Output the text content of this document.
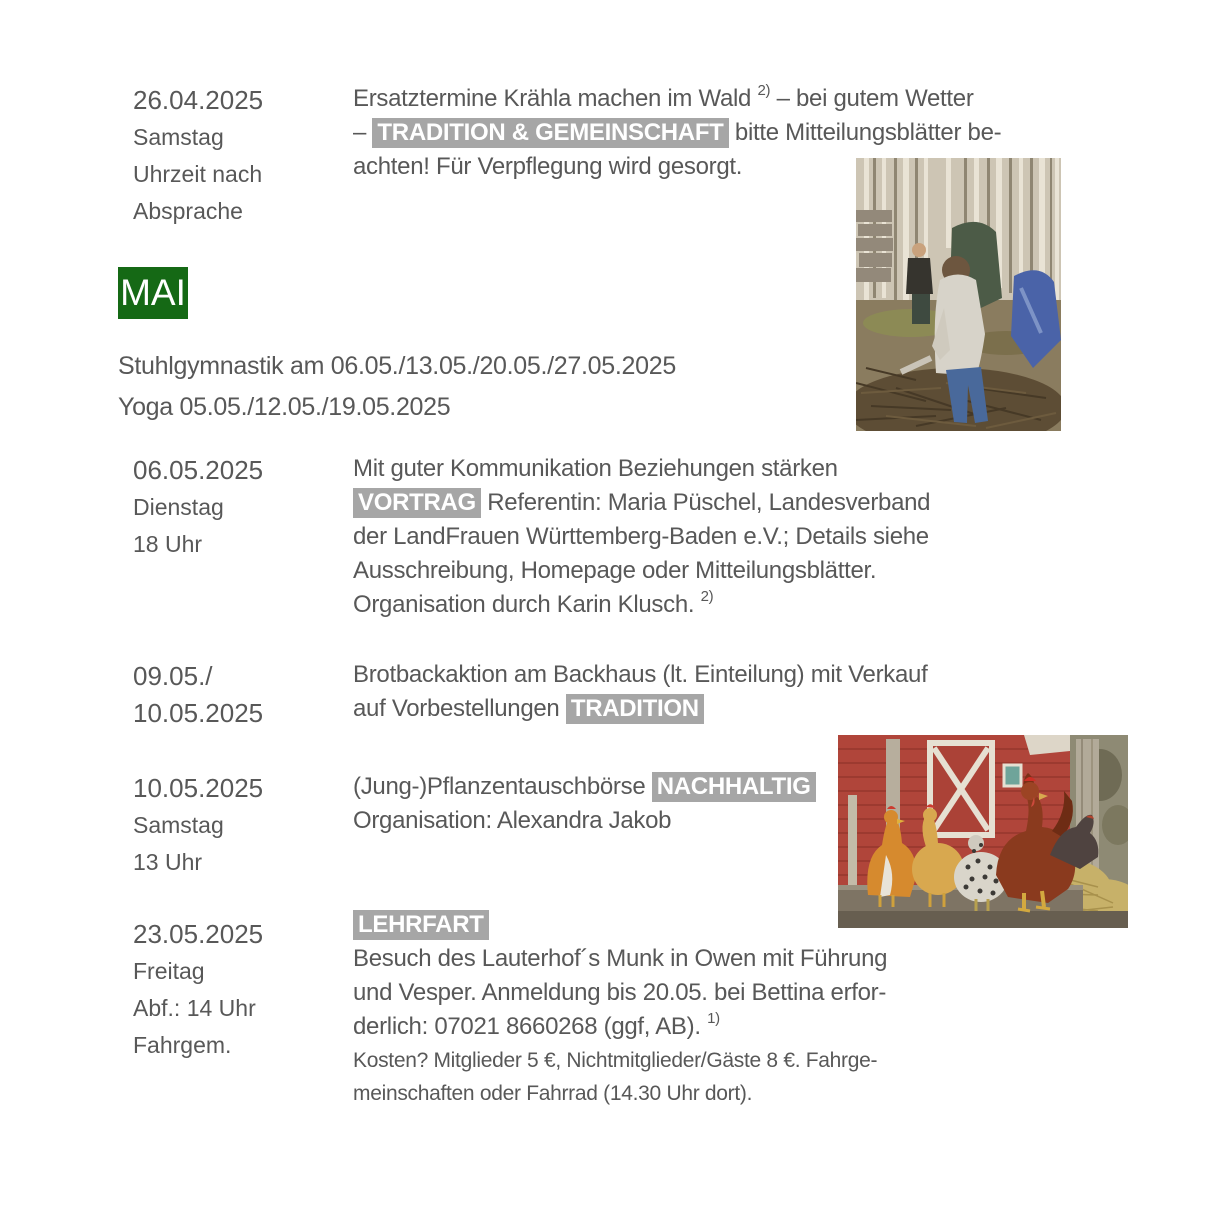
26.04.2025
Samstag
Uhrzeit nach
Absprache
Ersatztermine Krähla machen im Wald $^{2)}$ – bei gutem Wetter
– TRADITION & GEMEINSCHAFT bitte Mitteilungsblätter be-
achten! Für Verpflegung wird gesorgt.
MAI
Stuhlgymnastik am 06.05./13.05./20.05./27.05.2025
Yoga 05.05./12.05./19.05.2025
06.05.2025
Dienstag
18 Uhr
Mit guter Kommunikation Beziehungen stärken
VORTRAG Referentin: Maria Püschel, Landesverband
der LandFrauen Württemberg-Baden e.V.; Details siehe
Ausschreibung, Homepage oder Mitteilungsblätter.
Organisation durch Karin Klusch. $^{2)}$
09.05./
10.05.2025
Brotbackaktion am Backhaus (lt. Einteilung) mit Verkauf
auf Vorbestellungen TRADITION
10.05.2025
Samstag
13 Uhr
(Jung-)Pflanzentauschbörse NACHHALTIG
Organisation: Alexandra Jakob
23.05.2025
Freitag
Abf.: 14 Uhr
Fahrgem.
LEHRFART
Besuch des Lauterhof´s Munk in Owen mit Führung
und Vesper. Anmeldung bis 20.05. bei Bettina erfor-
derlich: 07021 8660268 (ggf, AB). $^{1)}$
Kosten? Mitglieder 5 €, Nichtmitglieder/Gäste 8 €. Fahrge-
meinschaften oder Fahrrad (14.30 Uhr dort).
